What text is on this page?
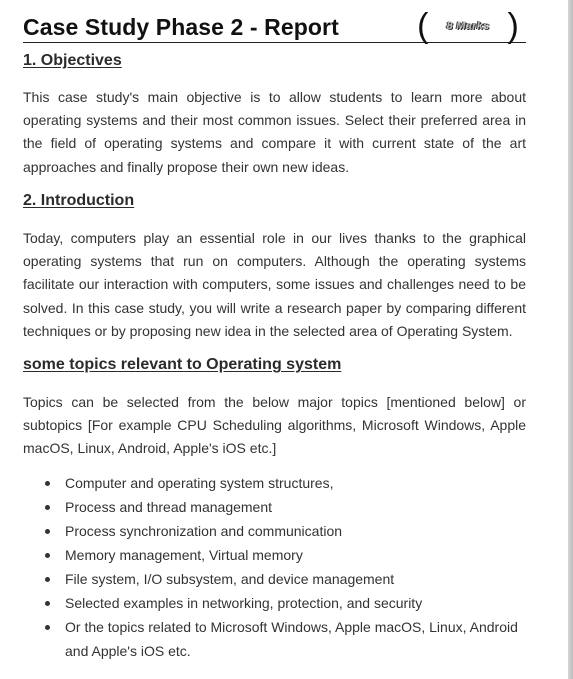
Case Study Phase 2 - Report ( 8 Marks )
1. Objectives
This case study's main objective is to allow students to learn more about operating systems and their most common issues. Select their preferred area in the field of operating systems and compare it with current state of the art approaches and finally propose their own new ideas.
2. Introduction
Today, computers play an essential role in our lives thanks to the graphical operating systems that run on computers. Although the operating systems facilitate our interaction with computers, some issues and challenges need to be solved. In this case study, you will write a research paper by comparing different techniques or by proposing new idea in the selected area of Operating System.
some topics relevant to Operating system
Topics can be selected from the below major topics [mentioned below] or subtopics [For example CPU Scheduling algorithms, Microsoft Windows, Apple macOS, Linux, Android, Apple's iOS etc.]
Computer and operating system structures,
Process and thread management
Process synchronization and communication
Memory management, Virtual memory
File system, I/O subsystem, and device management
Selected examples in networking, protection, and security
Or the topics related to Microsoft Windows, Apple macOS, Linux, Android and Apple's iOS etc.
